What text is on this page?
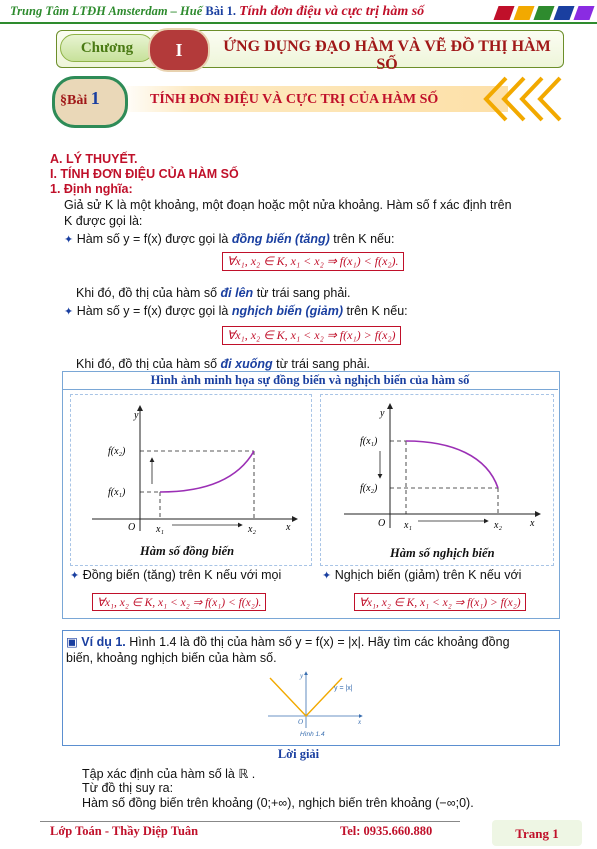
Trung Tâm LTĐH Amsterdam – Huế Bài 1. Tính đơn điệu và cực trị hàm số
Chương	I	ỨNG DỤNG ĐẠO HÀM VÀ VẼ ĐỒ THỊ HÀM SỐ
§Bài 1	TÍNH ĐƠN ĐIỆU VÀ CỰC TRỊ CỦA HÀM SỐ
A. LÝ THUYẾT.
I. TÍNH ĐƠN ĐIỆU CỦA HÀM SỐ
1. Định nghĩa:
Giả sử K là một khoảng, một đoạn hoặc một nửa khoảng. Hàm số f xác định trên
K được gọi là:
✦ Hàm số y = f(x) được gọi là đồng biến (tăng) trên K nếu:
∀x₁, x₂ ∈ K, x₁ < x₂ ⇒ f(x₁) < f(x₂).
Khi đó, đồ thị của hàm số đi lên từ trái sang phải.
✦ Hàm số y = f(x) được gọi là nghịch biến (giảm) trên K nếu:
∀x₁, x₂ ∈ K, x₁ < x₂ ⇒ f(x₁) > f(x₂)
Khi đó, đồ thị của hàm số đi xuống từ trái sang phải.
Hình ảnh minh họa sự đồng biến và nghịch biến của hàm số
y
x
O
f(x₂)
f(x₁)
x₁	x₂
y
x
O
f(x₁)
f(x₂)
x₁	x₂
Hàm số đồng biến	Hàm số nghịch biến
✦ Đồng biến (tăng) trên K nếu với mọi	✦ Nghịch biến (giảm) trên K nếu với
∀x₁, x₂ ∈ K, x₁ < x₂ ⇒ f(x₁) < f(x₂).	∀x₁, x₂ ∈ K, x₁ < x₂ ⇒ f(x₁) > f(x₂)
▣ Ví dụ 1. Hình 1.4 là đồ thị của hàm số y = f(x) = |x|. Hãy tìm các khoảng đồng
biến, khoảng nghịch biến của hàm số.
y = |x|
y
x
O
Hình 1.4
Lời giải
Tập xác định của hàm số là ℝ .
Từ đồ thị suy ra:
Hàm số đồng biến trên khoảng (0;+∞), nghịch biến trên khoảng (−∞;0).
Lớp Toán - Thầy Diệp Tuân	Tel: 0935.660.880	Trang 1
